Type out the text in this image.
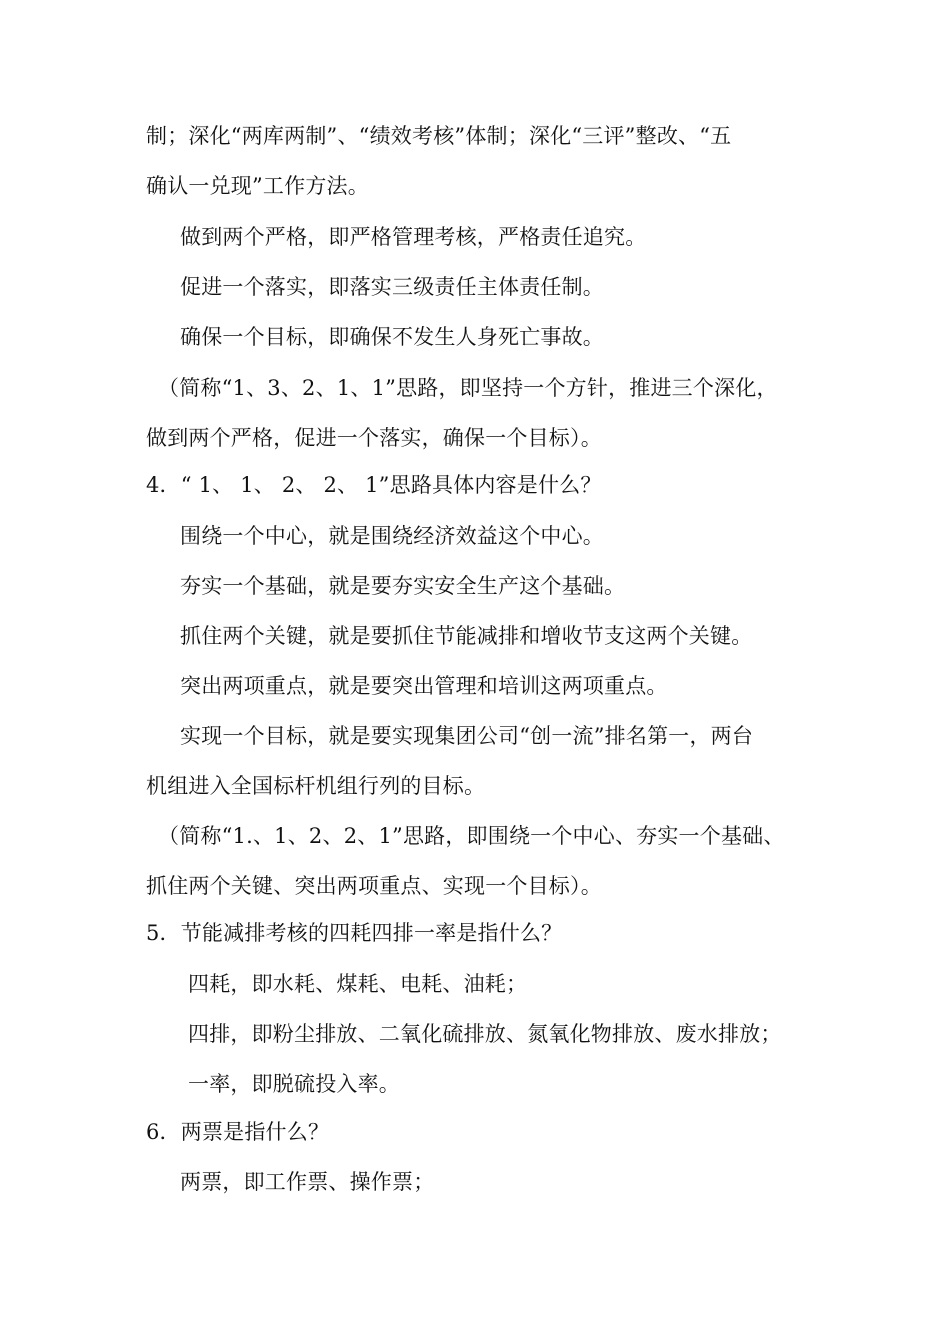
制；深化“两库两制”、“绩效考核”体制；深化“三评”整改、“五
确认一兑现”工作方法。
做到两个严格，即严格管理考核，严格责任追究。
促进一个落实，即落实三级责任主体责任制。
确保一个目标，即确保不发生人身死亡事故。
（简称“1、3、2、1、1”思路，即坚持一个方针，推进三个深化，
做到两个严格，促进一个落实，确保一个目标）。
4．“ 1、 1、 2、 2、 1”思路具体内容是什么？
围绕一个中心，就是围绕经济效益这个中心。
夯实一个基础，就是要夯实安全生产这个基础。
抓住两个关键，就是要抓住节能减排和增收节支这两个关键。
突出两项重点，就是要突出管理和培训这两项重点。
实现一个目标，就是要实现集团公司“创一流”排名第一，两台
机组进入全国标杆机组行列的目标。
（简称“1.、1、2、2、1”思路，即围绕一个中心、夯实一个基础、
抓住两个关键、突出两项重点、实现一个目标）。
5．节能减排考核的四耗四排一率是指什么？
四耗，即水耗、煤耗、电耗、油耗；
四排，即粉尘排放、二氧化硫排放、氮氧化物排放、废水排放；
一率，即脱硫投入率。
6．两票是指什么？
两票，即工作票、操作票；
